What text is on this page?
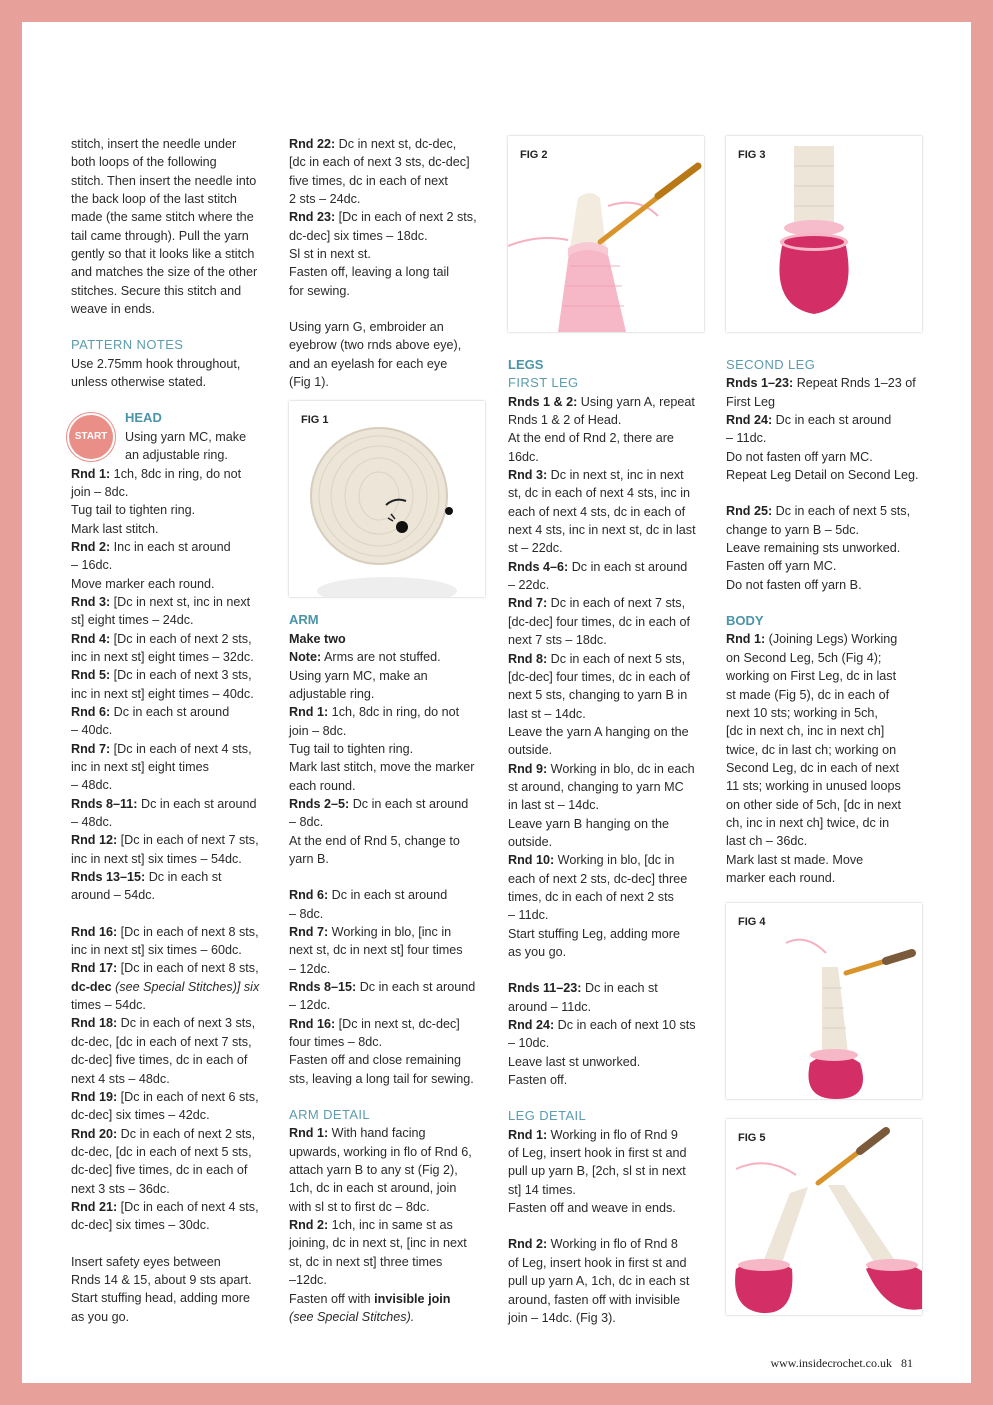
stitch, insert the needle under

both loops of the following

stitch. Then insert the needle into

the back loop of the last stitch

made (the same stitch where the

tail came through). Pull the yarn

gently so that it looks like a stitch

and matches the size of the other

stitches. Secure this stitch and

weave in ends.

PATTERN NOTES

Use 2.75mm hook throughout,

unless otherwise stated.

START

HEAD

Using yarn MC, make

an adjustable ring.

Rnd 1: 1ch, 8dc in ring, do not

join – 8dc.

Tug tail to tighten ring.

Mark last stitch.

Rnd 2: Inc in each st around

– 16dc.

Move marker each round.

Rnd 3: [Dc in next st, inc in next

st] eight times – 24dc.

Rnd 4: [Dc in each of next 2 sts,

inc in next st] eight times – 32dc.

Rnd 5: [Dc in each of next 3 sts,

inc in next st] eight times – 40dc.

Rnd 6: Dc in each st around

– 40dc.

Rnd 7: [Dc in each of next 4 sts,

inc in next st] eight times

– 48dc.

Rnds 8–11: Dc in each st around

– 48dc.

Rnd 12: [Dc in each of next 7 sts,

inc in next st] six times – 54dc.

Rnds 13–15: Dc in each st

around – 54dc.

Rnd 16: [Dc in each of next 8 sts,

inc in next st] six times – 60dc.

Rnd 17: [Dc in each of next 8 sts,

dc-dec (see Special Stitches)] six

times – 54dc.

Rnd 18: Dc in each of next 3 sts,

dc-dec, [dc in each of next 7 sts,

dc-dec] five times, dc in each of

next 4 sts – 48dc.

Rnd 19: [Dc in each of next 6 sts,

dc-dec] six times – 42dc.

Rnd 20: Dc in each of next 2 sts,

dc-dec, [dc in each of next 5 sts,

dc-dec] five times, dc in each of

next 3 sts – 36dc.

Rnd 21: [Dc in each of next 4 sts,

dc-dec] six times – 30dc.

Insert safety eyes between

Rnds 14 & 15, about 9 sts apart.

Start stuffing head, adding more

as you go.

Rnd 22: Dc in next st, dc-dec,

[dc in each of next 3 sts, dc-dec]

five times, dc in each of next

2 sts – 24dc.

Rnd 23: [Dc in each of next 2 sts,

dc-dec] six times – 18dc.

Sl st in next st.

Fasten off, leaving a long tail

for sewing.

Using yarn G, embroider an

eyebrow (two rnds above eye),

and an eyelash for each eye

(Fig 1).

FIG 1

ARM

Make two

Note: Arms are not stuffed.

Using yarn MC, make an

adjustable ring.

Rnd 1: 1ch, 8dc in ring, do not

join – 8dc.

Tug tail to tighten ring.

Mark last stitch, move the marker

each round.

Rnds 2–5: Dc in each st around

– 8dc.

At the end of Rnd 5, change to

yarn B.

Rnd 6: Dc in each st around

– 8dc.

Rnd 7: Working in blo, [inc in

next st, dc in next st] four times

– 12dc.

Rnds 8–15: Dc in each st around

– 12dc.

Rnd 16: [Dc in next st, dc-dec]

four times – 8dc.

Fasten off and close remaining

sts, leaving a long tail for sewing.

ARM DETAIL

Rnd 1: With hand facing

upwards, working in flo of Rnd 6,

attach yarn B to any st (Fig 2),

1ch, dc in each st around, join

with sl st to first dc – 8dc.

Rnd 2: 1ch, inc in same st as

joining, dc in next st, [inc in next

st, dc in next st] three times

–12dc.

Fasten off with invisible join

(see Special Stitches).

FIG 2

LEGS

FIRST LEG

Rnds 1 & 2: Using yarn A, repeat

Rnds 1 & 2 of Head.

At the end of Rnd 2, there are

16dc.

Rnd 3: Dc in next st, inc in next

st, dc in each of next 4 sts, inc in

each of next 4 sts, dc in each of

next 4 sts, inc in next st, dc in last

st – 22dc.

Rnds 4–6: Dc in each st around

– 22dc.

Rnd 7: Dc in each of next 7 sts,

[dc-dec] four times, dc in each of

next 7 sts – 18dc.

Rnd 8: Dc in each of next 5 sts,

[dc-dec] four times, dc in each of

next 5 sts, changing to yarn B in

last st – 14dc.

Leave the yarn A hanging on the

outside.

Rnd 9: Working in blo, dc in each

st around, changing to yarn MC

in last st – 14dc.

Leave yarn B hanging on the

outside.

Rnd 10: Working in blo, [dc in

each of next 2 sts, dc-dec] three

times, dc in each of next 2 sts

– 11dc.

Start stuffing Leg, adding more

as you go.

Rnds 11–23: Dc in each st

around – 11dc.

Rnd 24: Dc in each of next 10 sts

– 10dc.

Leave last st unworked.

Fasten off.

LEG DETAIL

Rnd 1: Working in flo of Rnd 9

of Leg, insert hook in first st and

pull up yarn B, [2ch, sl st in next

st] 14 times.

Fasten off and weave in ends.

Rnd 2: Working in flo of Rnd 8

of Leg, insert hook in first st and

pull up yarn A, 1ch, dc in each st

around, fasten off with invisible

join – 14dc. (Fig 3).

FIG 3

SECOND LEG

Rnds 1–23: Repeat Rnds 1–23 of

First Leg

Rnd 24: Dc in each st around

– 11dc.

Do not fasten off yarn MC.

Repeat Leg Detail on Second Leg.

Rnd 25: Dc in each of next 5 sts,

change to yarn B – 5dc.

Leave remaining sts unworked.

Fasten off yarn MC.

Do not fasten off yarn B.

BODY

Rnd 1: (Joining Legs) Working

on Second Leg, 5ch (Fig 4);

working on First Leg, dc in last

st made (Fig 5), dc in each of

next 10 sts; working in 5ch,

[dc in next ch, inc in next ch]

twice, dc in last ch; working on

Second Leg, dc in each of next

11 sts; working in unused loops

on other side of 5ch, [dc in next

ch, inc in next ch] twice, dc in

last ch – 36dc.

Mark last st made. Move

marker each round.

FIG 4
FIG 5
www.insidecrochet.co.uk 81
